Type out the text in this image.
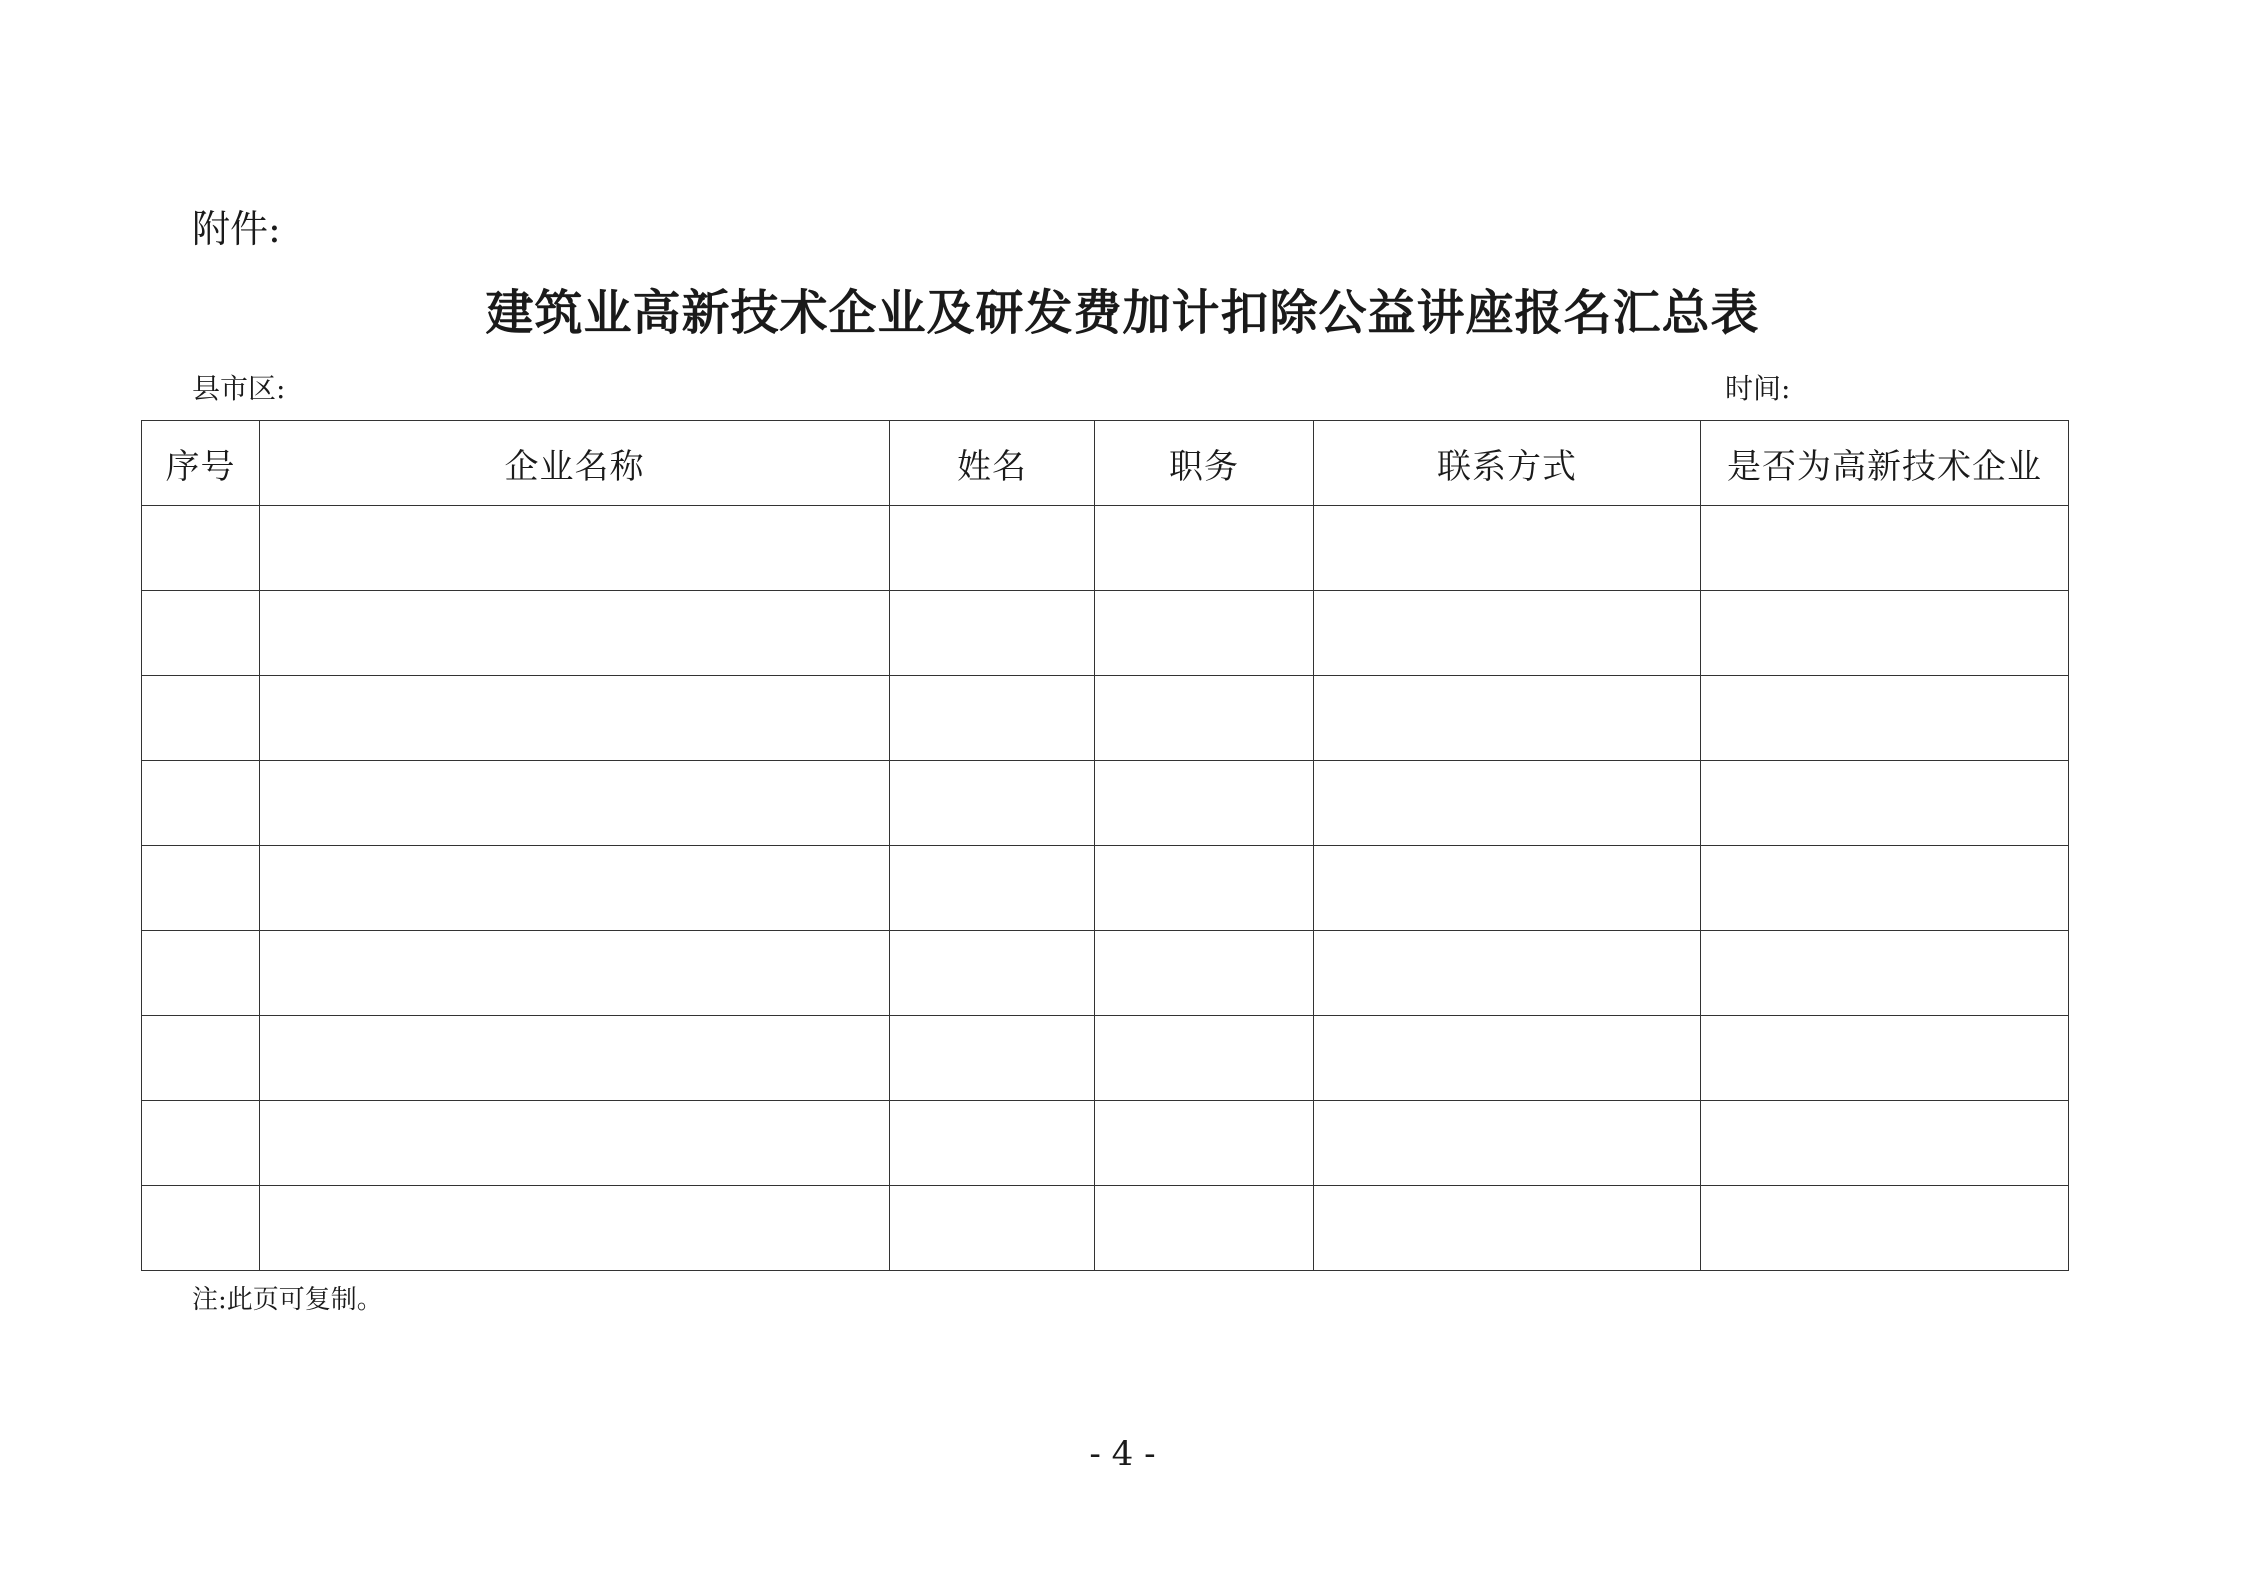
附件:
建筑业高新技术企业及研发费加计扣除公益讲座报名汇总表
县市区:	时间:
序号	企业名称	姓名	职务	联系方式	是否为高新技术企业

注:此页可复制。
- 4 -
